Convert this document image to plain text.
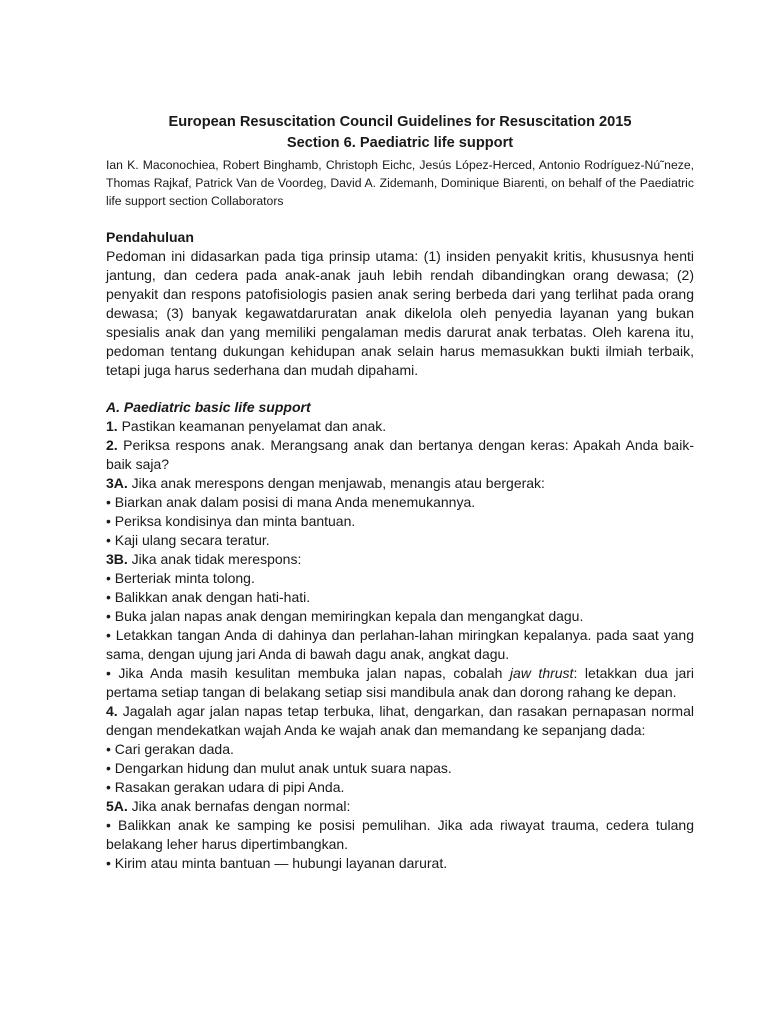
European Resuscitation Council Guidelines for Resuscitation 2015
Section 6. Paediatric life support

Ian K. Maconochiea, Robert Binghamb, Christoph Eichc, Jesús López-Herced, Antonio Rodríguez-Nú˜neze, Thomas Rajkaf, Patrick Van de Voordeg, David A. Zidemanh, Dominique Biarenti, on behalf of the Paediatric life support section Collaborators

Pendahuluan

Pedoman ini didasarkan pada tiga prinsip utama: (1) insiden penyakit kritis, khususnya henti jantung, dan cedera pada anak-anak jauh lebih rendah dibandingkan orang dewasa; (2) penyakit dan respons patofisiologis pasien anak sering berbeda dari yang terlihat pada orang dewasa; (3) banyak kegawatdaruratan anak dikelola oleh penyedia layanan yang bukan spesialis anak dan yang memiliki pengalaman medis darurat anak terbatas. Oleh karena itu, pedoman tentang dukungan kehidupan anak selain harus memasukkan bukti ilmiah terbaik, tetapi juga harus sederhana dan mudah dipahami.

A. Paediatric basic life support

1. Pastikan keamanan penyelamat dan anak.

2. Periksa respons anak. Merangsang anak dan bertanya dengan keras: Apakah Anda baik-baik saja?

3A. Jika anak merespons dengan menjawab, menangis atau bergerak:

• Biarkan anak dalam posisi di mana Anda menemukannya.

• Periksa kondisinya dan minta bantuan.

• Kaji ulang secara teratur.

3B. Jika anak tidak merespons:

• Berteriak minta tolong.

• Balikkan anak dengan hati-hati.

• Buka jalan napas anak dengan memiringkan kepala dan mengangkat dagu.

• Letakkan tangan Anda di dahinya dan perlahan-lahan miringkan kepalanya. pada saat yang sama, dengan ujung jari Anda di bawah dagu anak, angkat dagu.

• Jika Anda masih kesulitan membuka jalan napas, cobalah jaw thrust: letakkan dua jari pertama setiap tangan di belakang setiap sisi mandibula anak dan dorong rahang ke depan.

4. Jagalah agar jalan napas tetap terbuka, lihat, dengarkan, dan rasakan pernapasan normal dengan mendekatkan wajah Anda ke wajah anak dan memandang ke sepanjang dada:

• Cari gerakan dada.

• Dengarkan hidung dan mulut anak untuk suara napas.

• Rasakan gerakan udara di pipi Anda.

5A. Jika anak bernafas dengan normal:

• Balikkan anak ke samping ke posisi pemulihan. Jika ada riwayat trauma, cedera tulang belakang leher harus dipertimbangkan.

• Kirim atau minta bantuan — hubungi layanan darurat.
